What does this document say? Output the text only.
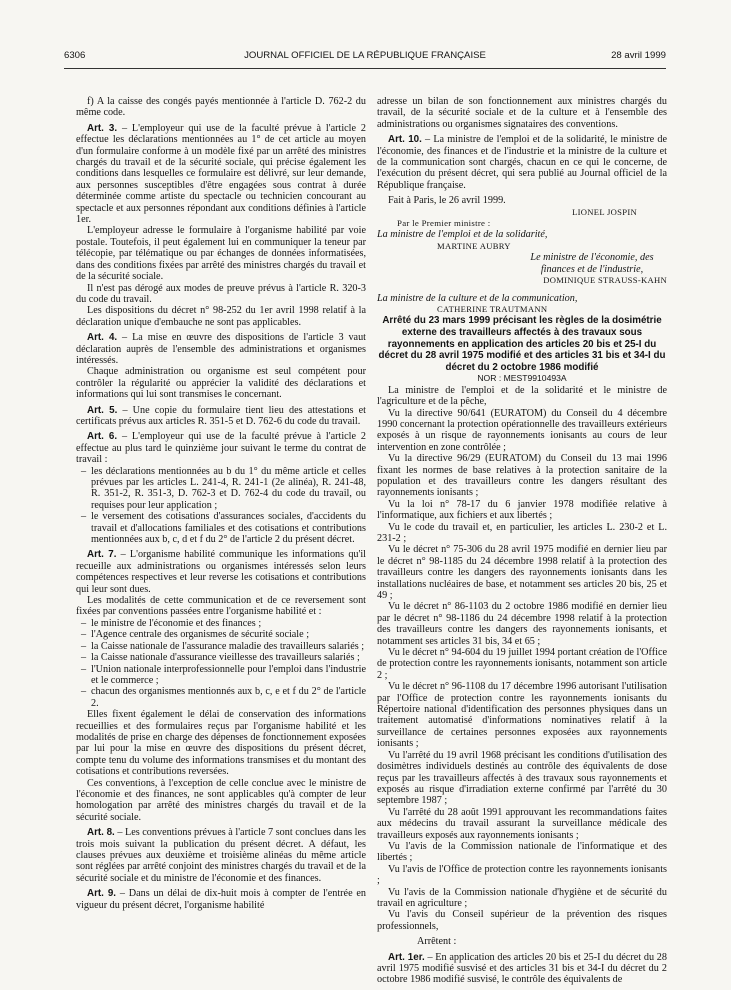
6306	JOURNAL OFFICIEL DE LA RÉPUBLIQUE FRANÇAISE	28 avril 1999

f) A la caisse des congés payés mentionnée à l'article D. 762-2 du même code.

Art. 3. – L'employeur qui use de la faculté prévue à l'article 2 effectue les déclarations mentionnées au 1° de cet article au moyen d'un formulaire conforme à un modèle fixé par un arrêté des ministres chargés du travail et de la sécurité sociale, qui précise également les conditions dans lesquelles ce formulaire est délivré, sur leur demande, aux personnes susceptibles d'être engagées sous contrat à durée déterminée comme artiste du spectacle ou technicien concourant au spectacle et aux personnes répondant aux conditions définies à l'article 1er.

L'employeur adresse le formulaire à l'organisme habilité par voie postale. Toutefois, il peut également lui en communiquer la teneur par télécopie, par télématique ou par échanges de données informatisées, dans des conditions fixées par arrêté des ministres chargés du travail et de la sécurité sociale.

Il n'est pas dérogé aux modes de preuve prévus à l'article R. 320-3 du code du travail.

Les dispositions du décret n° 98-252 du 1er avril 1998 relatif à la déclaration unique d'embauche ne sont pas applicables.

Art. 4. – La mise en œuvre des dispositions de l'article 3 vaut déclaration auprès de l'ensemble des administrations et organismes intéressés.

Chaque administration ou organisme est seul compétent pour contrôler la régularité ou apprécier la validité des déclarations et informations qui lui sont transmises le concernant.

Art. 5. – Une copie du formulaire tient lieu des attestations et certificats prévus aux articles R. 351-5 et D. 762-6 du code du travail.

Art. 6. – L'employeur qui use de la faculté prévue à l'article 2 effectue au plus tard le quinzième jour suivant le terme du contrat de travail :

– les déclarations mentionnées au b du 1° du même article et celles prévues par les articles L. 241-4, R. 241-1 (2e alinéa), R. 241-48, R. 351-2, R. 351-3, D. 762-3 et D. 762-4 du code du travail, ou requises pour leur application ;
– le versement des cotisations d'assurances sociales, d'accidents du travail et d'allocations familiales et des cotisations et contributions mentionnées aux b, c, d et f du 2° de l'article 2 du présent décret.

Art. 7. – L'organisme habilité communique les informations qu'il recueille aux administrations ou organismes intéressés selon leurs compétences respectives et leur reverse les cotisations et contributions qui leur sont dues.

Les modalités de cette communication et de ce reversement sont fixées par conventions passées entre l'organisme habilité et :

– le ministre de l'économie et des finances ;
– l'Agence centrale des organismes de sécurité sociale ;
– la Caisse nationale de l'assurance maladie des travailleurs salariés ;
– la Caisse nationale d'assurance vieillesse des travailleurs salariés ;
– l'Union nationale interprofessionnelle pour l'emploi dans l'industrie et le commerce ;
– chacun des organismes mentionnés aux b, c, e et f du 2° de l'article 2.

Elles fixent également le délai de conservation des informations recueillies et des formulaires reçus par l'organisme habilité et les modalités de prise en charge des dépenses de fonctionnement exposées par lui pour la mise en œuvre des dispositions du présent décret, compte tenu du volume des informations transmises et du montant des cotisations et contributions reversées.

Ces conventions, à l'exception de celle conclue avec le ministre de l'économie et des finances, ne sont applicables qu'à compter de leur homologation par arrêté des ministres chargés du travail et de la sécurité sociale.

Art. 8. – Les conventions prévues à l'article 7 sont conclues dans les trois mois suivant la publication du présent décret. A défaut, les clauses prévues aux deuxième et troisième alinéas du même article sont réglées par arrêté conjoint des ministres chargés du travail et de la sécurité sociale et du ministre de l'économie et des finances.

Art. 9. – Dans un délai de dix-huit mois à compter de l'entrée en vigueur du présent décret, l'organisme habilité

adresse un bilan de son fonctionnement aux ministres chargés du travail, de la sécurité sociale et de la culture et à l'ensemble des administrations ou organismes signataires des conventions.

Art. 10. – La ministre de l'emploi et de la solidarité, le ministre de l'économie, des finances et de l'industrie et la ministre de la culture et de la communication sont chargés, chacun en ce qui le concerne, de l'exécution du présent décret, qui sera publié au Journal officiel de la République française.

Fait à Paris, le 26 avril 1999.

LIONEL JOSPIN

Par le Premier ministre :

La ministre de l'emploi et de la solidarité,

MARTINE AUBRY

Le ministre de l'économie, des finances et de l'industrie,

DOMINIQUE STRAUSS-KAHN

La ministre de la culture et de la communication,

CATHERINE TRAUTMANN

Arrêté du 23 mars 1999 précisant les règles de la dosimétrie externe des travailleurs affectés à des travaux sous rayonnements en application des articles 20 bis et 25-I du décret du 28 avril 1975 modifié et des articles 31 bis et 34-I du décret du 2 octobre 1986 modifié

NOR : MEST9910493A

La ministre de l'emploi et de la solidarité et le ministre de l'agriculture et de la pêche,

Vu la directive 90/641 (EURATOM) du Conseil du 4 décembre 1990 concernant la protection opérationnelle des travailleurs extérieurs exposés à un risque de rayonnements ionisants au cours de leur intervention en zone contrôlée ;

Vu la directive 96/29 (EURATOM) du Conseil du 13 mai 1996 fixant les normes de base relatives à la protection sanitaire de la population et des travailleurs contre les dangers résultant des rayonnements ionisants ;

Vu la loi n° 78-17 du 6 janvier 1978 modifiée relative à l'informatique, aux fichiers et aux libertés ;

Vu le code du travail et, en particulier, les articles L. 230-2 et L. 231-2 ;

Vu le décret n° 75-306 du 28 avril 1975 modifié en dernier lieu par le décret n° 98-1185 du 24 décembre 1998 relatif à la protection des travailleurs contre les dangers des rayonnements ionisants dans les installations nucléaires de base, et notamment ses articles 20 bis, 25 et 49 ;

Vu le décret n° 86-1103 du 2 octobre 1986 modifié en dernier lieu par le décret n° 98-1186 du 24 décembre 1998 relatif à la protection des travailleurs contre les dangers des rayonnements ionisants, et notamment ses articles 31 bis, 34 et 65 ;

Vu le décret n° 94-604 du 19 juillet 1994 portant création de l'Office de protection contre les rayonnements ionisants, notamment son article 2 ;

Vu le décret n° 96-1108 du 17 décembre 1996 autorisant l'utilisation par l'Office de protection contre les rayonnements ionisants du Répertoire national d'identification des personnes physiques dans un traitement automatisé d'informations nominatives relatif à la surveillance de certaines personnes exposées aux rayonnements ionisants ;

Vu l'arrêté du 19 avril 1968 précisant les conditions d'utilisation des dosimètres individuels destinés au contrôle des équivalents de dose reçus par les travailleurs affectés à des travaux sous rayonnements et exposés au risque d'irradiation externe confirmé par l'arrêté du 30 septembre 1987 ;

Vu l'arrêté du 28 août 1991 approuvant les recommandations faites aux médecins du travail assurant la surveillance médicale des travailleurs exposés aux rayonnements ionisants ;

Vu l'avis de la Commission nationale de l'informatique et des libertés ;

Vu l'avis de l'Office de protection contre les rayonnements ionisants ;

Vu l'avis de la Commission nationale d'hygiène et de sécurité du travail en agriculture ;

Vu l'avis du Conseil supérieur de la prévention des risques professionnels,

Arrêtent :

Art. 1er. – En application des articles 20 bis et 25-I du décret du 28 avril 1975 modifié susvisé et des articles 31 bis et 34-I du décret du 2 octobre 1986 modifié susvisé, le contrôle des équivalents de
